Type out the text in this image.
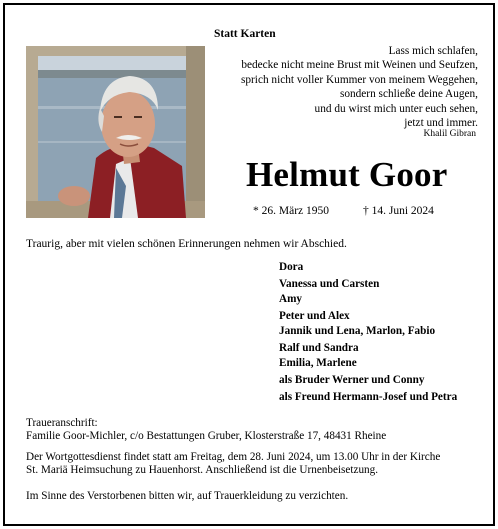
Statt Karten
Lass mich schlafen,
bedecke nicht meine Brust mit Weinen und Seufzen,
sprich nicht voller Kummer von meinem Weggehen,
sondern schließe deine Augen,
und du wirst mich unter euch sehen,
jetzt und immer.
Khalil Gibran
Helmut Goor
* 26. März 1950	† 14. Juni 2024
Traurig, aber mit vielen schönen Erinnerungen nehmen wir Abschied.
Dora
Vanessa und Carsten
Amy
Peter und Alex
Jannik und Lena, Marlon, Fabio
Ralf und Sandra
Emilia, Marlene
als Bruder Werner und Conny
als Freund Hermann-Josef und Petra
Traueranschrift:
Familie Goor-Michler, c/o Bestattungen Gruber, Klosterstraße 17, 48431 Rheine
Der Wortgottesdienst findet statt am Freitag, dem 28. Juni 2024, um 13.00 Uhr in der Kirche
St. Mariä Heimsuchung zu Hauenhorst. Anschließend ist die Urnenbeisetzung.
Im Sinne des Verstorbenen bitten wir, auf Trauerkleidung zu verzichten.
